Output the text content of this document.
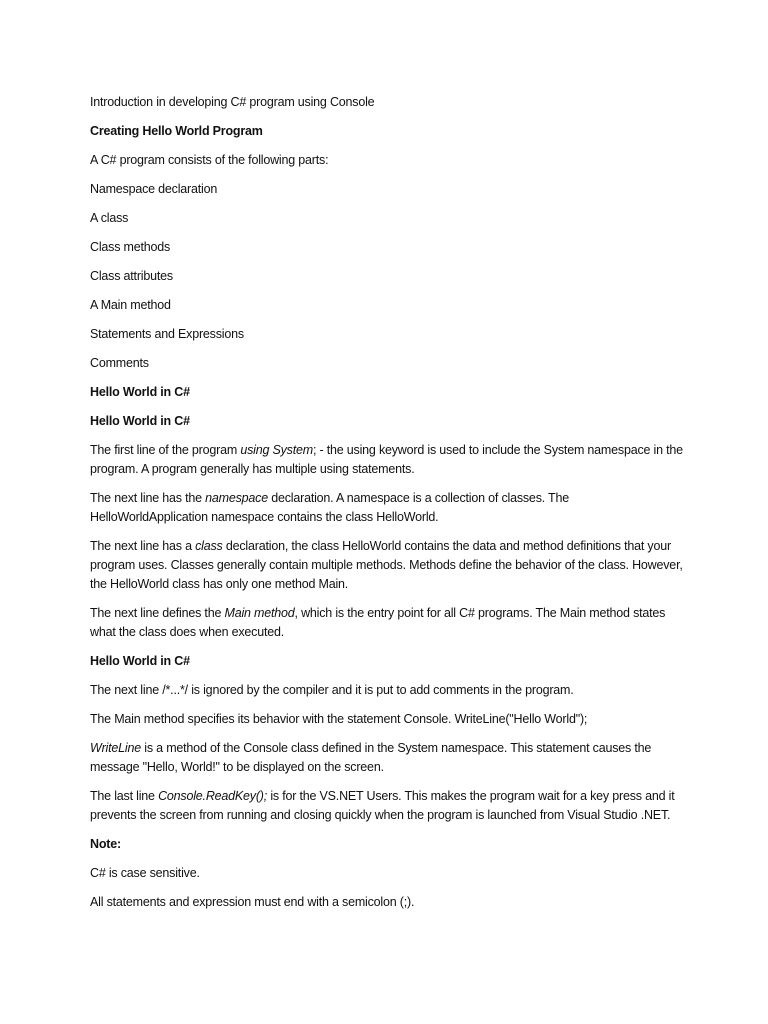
Introduction in developing C# program using Console

Creating Hello World Program

A C# program consists of the following parts:

Namespace declaration

A class

Class methods

Class attributes

A Main method

Statements and Expressions

Comments

Hello World in C#

Hello World in C#

The first line of the program using System; - the using keyword is used to include the System namespace in the program. A program generally has multiple using statements.

The next line has the namespace declaration. A namespace is a collection of classes. The HelloWorldApplication namespace contains the class HelloWorld.

The next line has a class declaration, the class HelloWorld contains the data and method definitions that your program uses. Classes generally contain multiple methods. Methods define the behavior of the class. However, the HelloWorld class has only one method Main.

The next line defines the Main method, which is the entry point for all C# programs. The Main method states what the class does when executed.

Hello World in C#

The next line /*...*/ is ignored by the compiler and it is put to add comments in the program.

The Main method specifies its behavior with the statement Console. WriteLine("Hello World");

WriteLine is a method of the Console class defined in the System namespace. This statement causes the message "Hello, World!" to be displayed on the screen.

The last line Console.ReadKey(); is for the VS.NET Users. This makes the program wait for a key press and it prevents the screen from running and closing quickly when the program is launched from Visual Studio .NET.

Note:

C# is case sensitive.

All statements and expression must end with a semicolon (;).
